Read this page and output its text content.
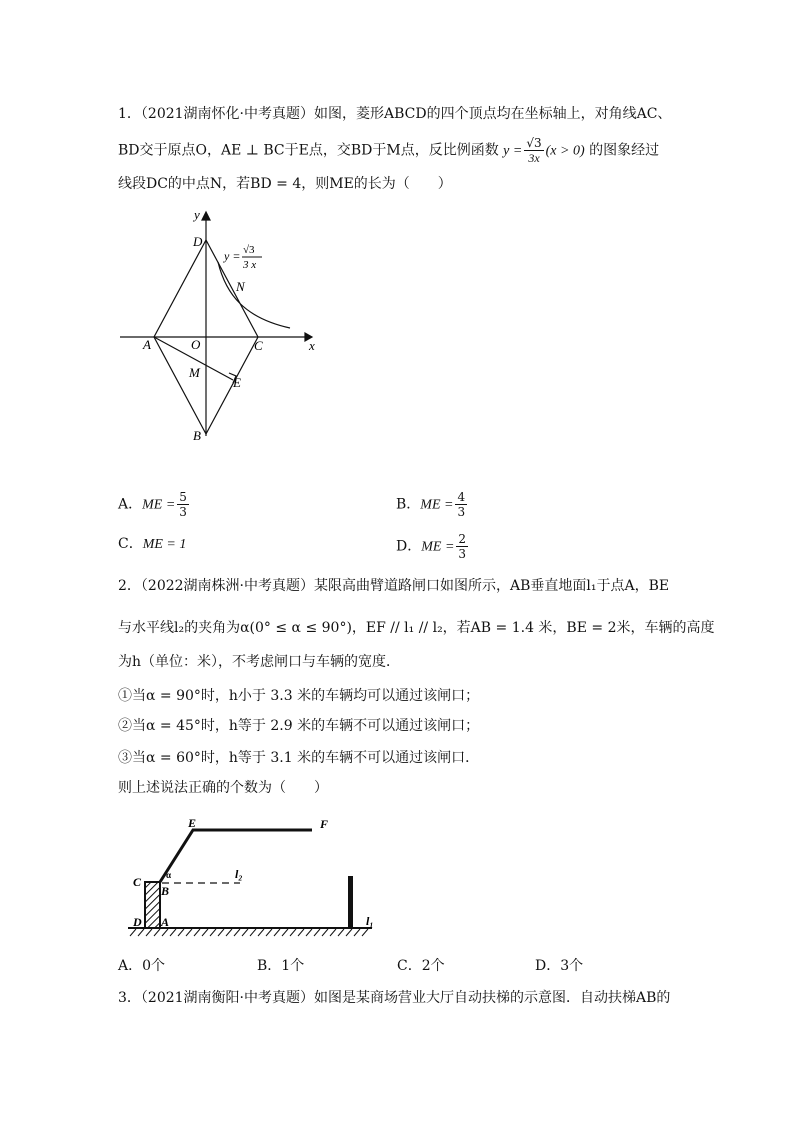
1．（2021湖南怀化·中考真题）如图，菱形ABCD的四个顶点均在坐标轴上，对角线AC、
BD交于原点O，AE ⊥ BC于E点，交BD于M点，反比例函数 $y = \frac{√3}{3x} (x > 0)$ 的图象经过
线段DC的中点N，若BD = 4，则ME的长为（　　）
y
x
D
N
A	O	C
M
E
B
y = √3
3 x
A．ME = $\frac{5}{3}$	B．ME = $\frac{4}{3}$
C．ME = 1	D．ME = $\frac{2}{3}$
2．（2022湖南株洲·中考真题）某限高曲臂道路闸口如图所示，AB垂直地面l₁于点A，BE
与水平线l₂的夹角为α(0° ≤ α ≤ 90°)，EF // l₁ // l₂，若AB = 1.4 米，BE = 2米，车辆的高度
为h（单位：米），不考虑闸口与车辆的宽度．
①当α = 90°时，h小于 3.3 米的车辆均可以通过该闸口；
②当α = 45°时，h等于 2.9 米的车辆不可以通过该闸口；
③当α = 60°时，h等于 3.1 米的车辆不可以通过该闸口．
则上述说法正确的个数为（　　）
E	F
C
B
D A
α	l₂
l₁
A．0个	B．1个	C．2个	D．3个
3．（2021湖南衡阳·中考真题）如图是某商场营业大厅自动扶梯的示意图．自动扶梯AB的
